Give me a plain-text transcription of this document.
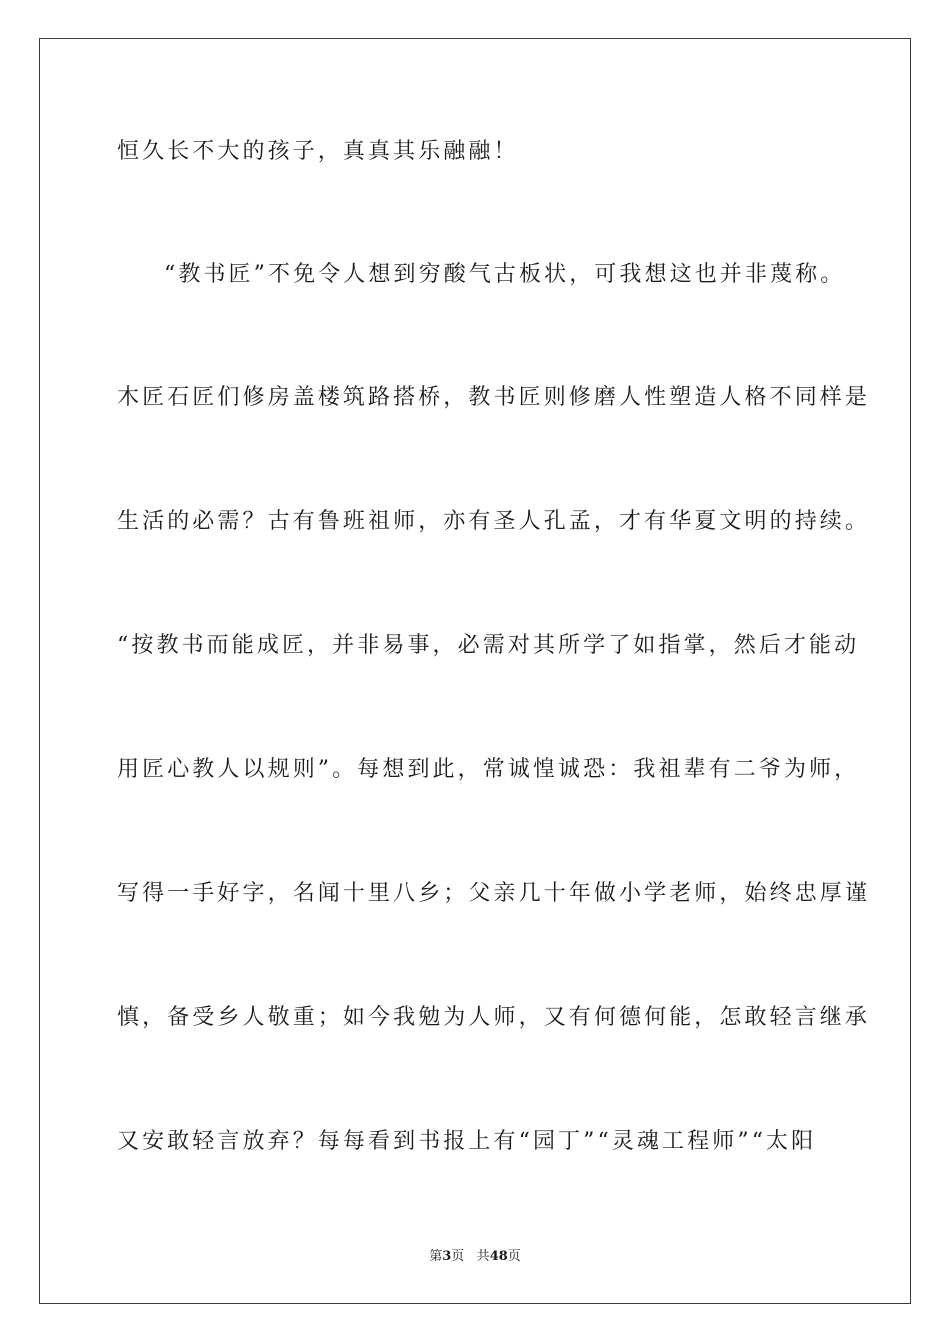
恒久长不大的孩子，真真其乐融融！
“教书匠”不免令人想到穷酸气古板状，可我想这也并非蔑称。
木匠石匠们修房盖楼筑路搭桥，教书匠则修磨人性塑造人格不同样是
生活的必需？古有鲁班祖师，亦有圣人孔孟，才有华夏文明的持续。
“按教书而能成匠，并非易事，必需对其所学了如指掌，然后才能动
用匠心教人以规则”。每想到此，常诚惶诚恐：我祖辈有二爷为师，
写得一手好字，名闻十里八乡；父亲几十年做小学老师，始终忠厚谨
慎，备受乡人敬重；如今我勉为人师，又有何德何能，怎敢轻言继承
又安敢轻言放弃？每每看到书报上有“园丁”“灵魂工程师”“太阳
第3页 共48页
